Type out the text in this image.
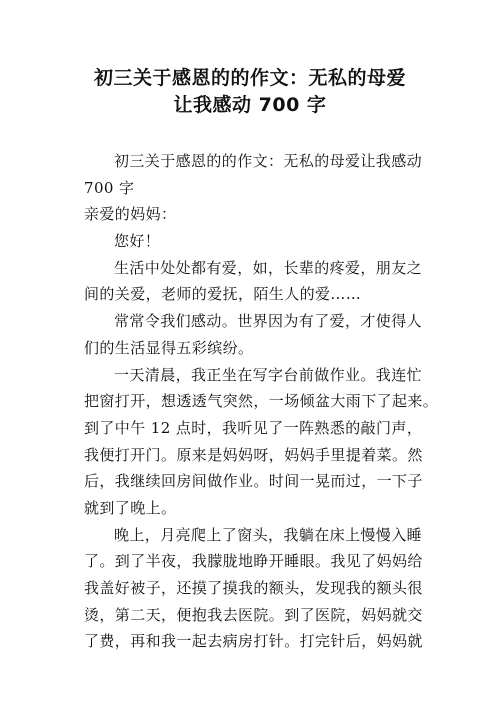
初三关于感恩的的作文：无私的母爱
让我感动 700 字
初三关于感恩的的作文：无私的母爱让我感动
700 字
亲爱的妈妈：
您好！
生活中处处都有爱，如，长辈的疼爱，朋友之
间的关爱，老师的爱抚，陌生人的爱……
常常令我们感动。世界因为有了爱，才使得人
们的生活显得五彩缤纷。
一天清晨，我正坐在写字台前做作业。我连忙
把窗打开，想透透气突然，一场倾盆大雨下了起来。
到了中午 12 点时，我听见了一阵熟悉的敲门声，
我便打开门。原来是妈妈呀，妈妈手里提着菜。然
后，我继续回房间做作业。时间一晃而过，一下子
就到了晚上。
晚上，月亮爬上了窗头，我躺在床上慢慢入睡
了。到了半夜，我朦胧地睁开睡眼。我见了妈妈给
我盖好被子，还摸了摸我的额头，发现我的额头很
烫，第二天，便抱我去医院。到了医院，妈妈就交
了费，再和我一起去病房打针。打完针后，妈妈就
